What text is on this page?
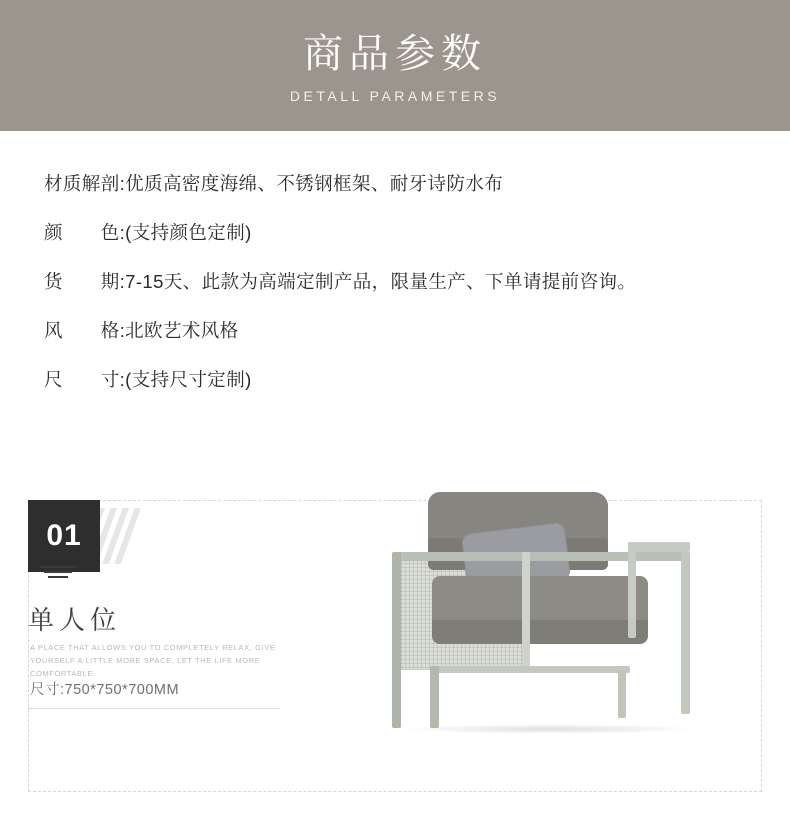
商品参数
DETALL PARAMETERS
材质解剖: 优质高密度海绵、不锈钢框架、耐牙诗防水布
颜　　色: (支持颜色定制)
货　　期: 7-15天、此款为高端定制产品，限量生产、下单请提前咨询。
风　　格: 北欧艺术风格
尺　　寸: (支持尺寸定制)
01
单人位
A PLACE THAT ALLOWS YOU TO COMPLETELY RELAX, GIVE YOURSELF A LITTLE MORE SPACE, LET THE LIFE MORE COMFORTABLE
尺寸:750*750*700MM
